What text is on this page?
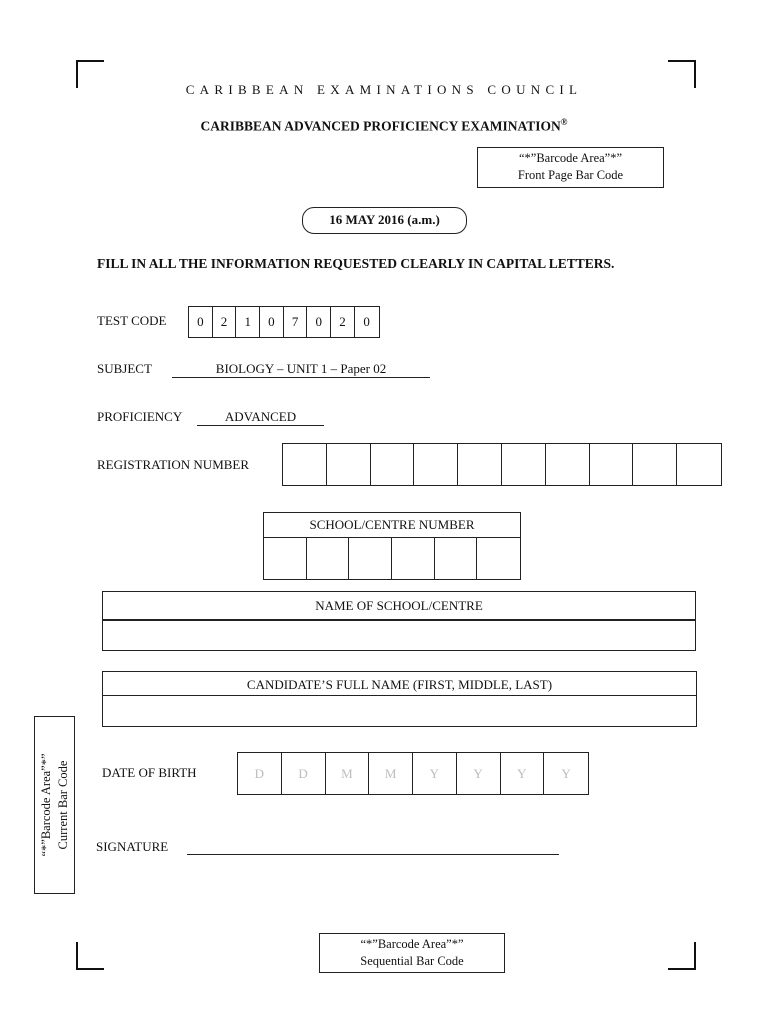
CARIBBEAN EXAMINATIONS COUNCIL
CARIBBEAN ADVANCED PROFICIENCY EXAMINATION®
“*”Barcode Area”*”
Front Page Bar Code
16 MAY 2016 (a.m.)
FILL IN ALL THE INFORMATION REQUESTED CLEARLY IN CAPITAL LETTERS.
TEST CODE	0	2	1	0	7	0	2	0
SUBJECT	BIOLOGY – UNIT 1 – Paper 02
PROFICIENCY	ADVANCED
REGISTRATION NUMBER
SCHOOL/CENTRE NUMBER
NAME OF SCHOOL/CENTRE
CANDIDATE’S FULL NAME (FIRST, MIDDLE, LAST)
DATE OF BIRTH	D	D	M	M	Y	Y	Y	Y
SIGNATURE
“*”Barcode Area”*” Current Bar Code
“*”Barcode Area”*”
Sequential Bar Code
